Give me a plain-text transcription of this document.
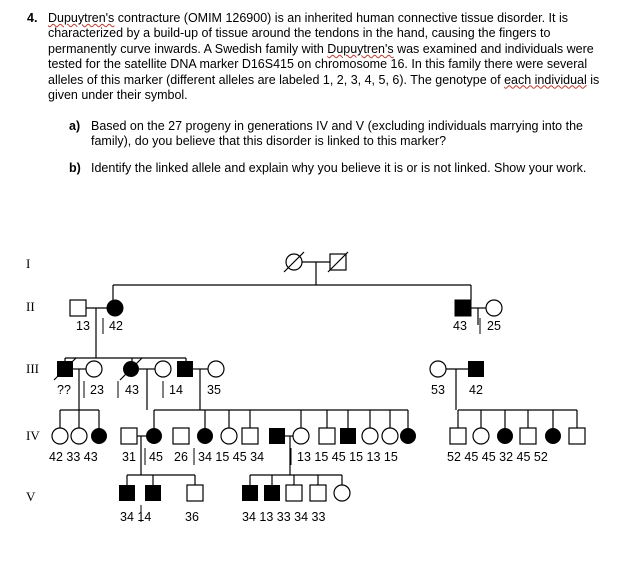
4. Dupuytren's contracture (OMIM 126900) is an inherited human connective tissue disorder. It is characterized by a build-up of tissue around the tendons in the hand, causing the fingers to permanently curve inwards. A Swedish family with Dupuytren's was examined and individuals were tested for the satellite DNA marker D16S415 on chromosome 16. In this family there were several alleles of this marker (different alleles are labeled 1, 2, 3, 4, 5, 6). The genotype of each individual is given under their symbol.
a) Based on the 27 progeny in generations IV and V (excluding individuals marrying into the family), do you believe that this disorder is linked to this marker?
b) Identify the linked allele and explain why you believe it is or is not linked. Show your work.
I
II
III
IV
V
13 42	43 25
?? 23 43 14 35	53 42
42 33 43 31 45 26 34 15 45 34	13 15 45 15 13 15	52 45 45 32 45 52
34 14	36	34 13 33 34 33
